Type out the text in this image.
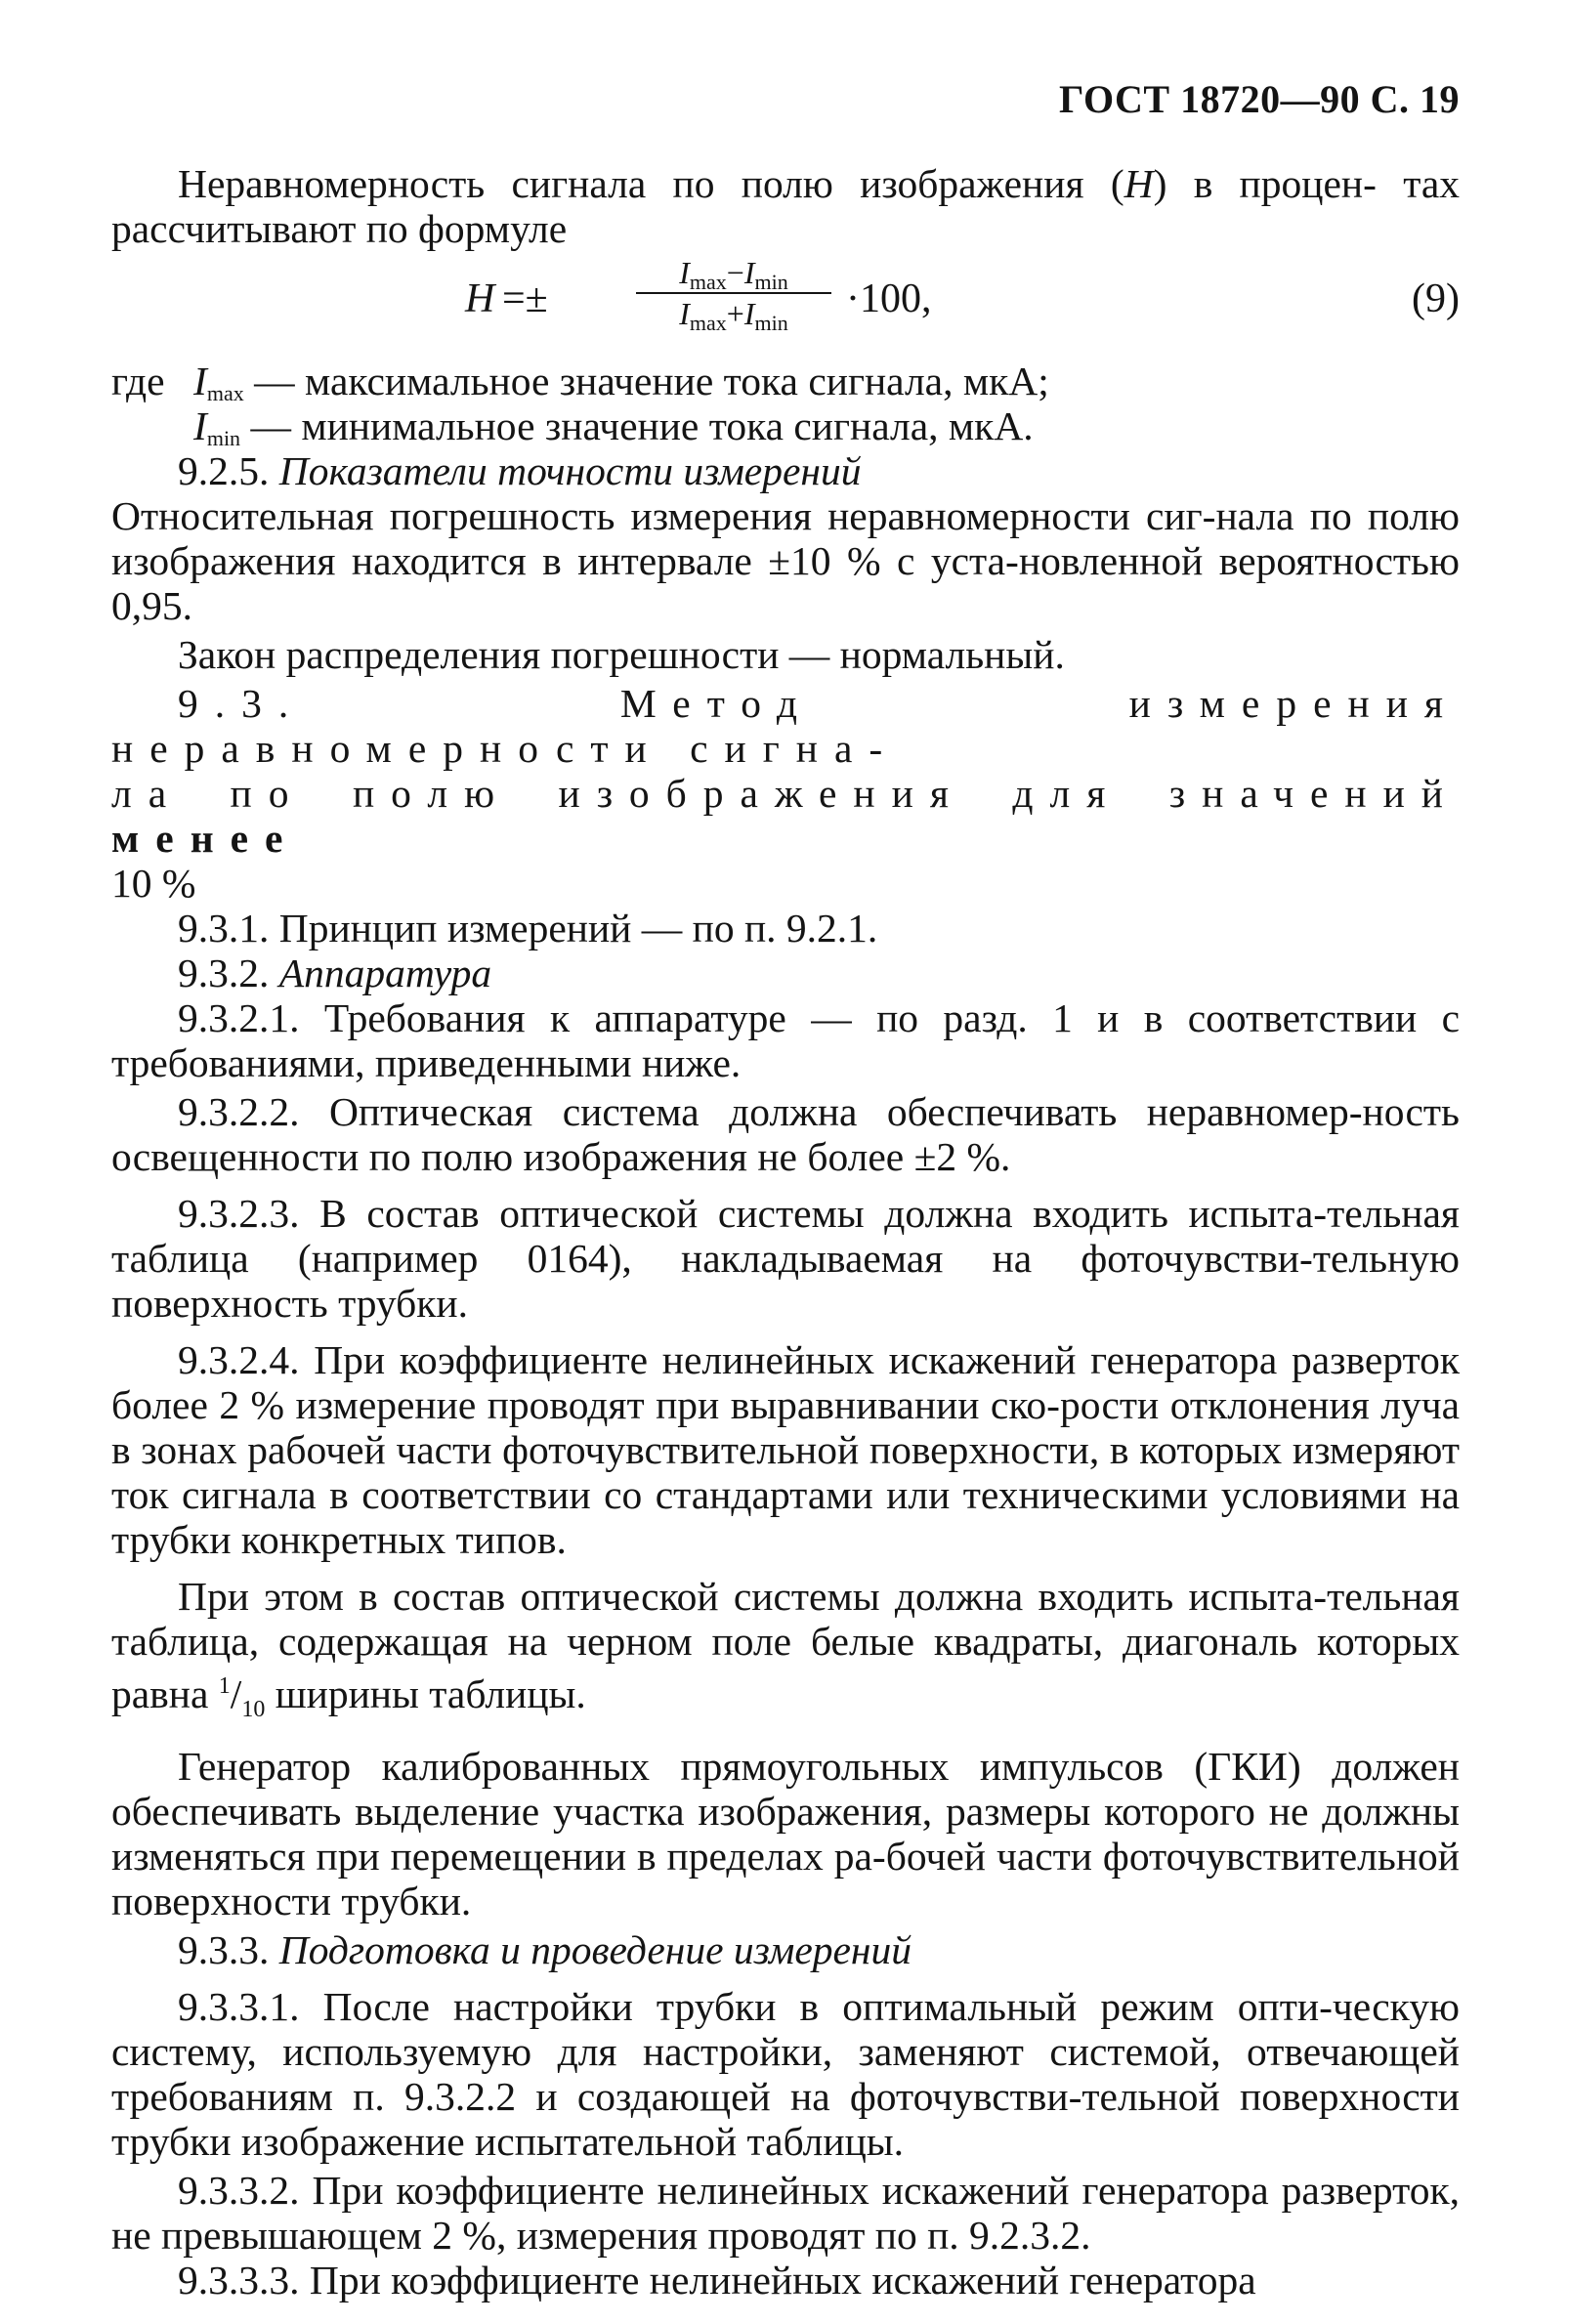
ГОСТ 18720—90 С. 19

Неравномерность сигнала по полю изображения (H) в процен- тах рассчитывают по формуле

H =±
$I_{max}-I_{min}$
$I_{max}+I_{min}$
·100,	(9)
где $I_{max}$ — максимальное значение тока сигнала, мкА;
$I_{min}$ — минимальное значение тока сигнала, мкА.

9.2.5. Показатели точности измерений

Относительная погрешность измерения неравномерности сиг-нала по полю изображения находится в интервале ±10 % с уста-новленной вероятностью 0,95.

Закон распределения погрешности — нормальный.

9.3.	Метод измерения неравномерности сигна-

ла по полю изображения для значений менее

10 %

9.3.1. Принцип измерений — по п. 9.2.1.

9.3.2. Аппаратура

9.3.2.1. Требования к аппаратуре — по разд. 1 и в соответствии с требованиями, приведенными ниже.

9.3.2.2. Оптическая система должна обеспечивать неравномер-ность освещенности по полю изображения не более ±2 %.

9.3.2.3. В состав оптической системы должна входить испыта-тельная таблица (например 0164), накладываемая на фоточувстви-тельную поверхность трубки.

9.3.2.4. При коэффициенте нелинейных искажений генератора разверток более 2 % измерение проводят при выравнивании ско-рости отклонения луча в зонах рабочей части фоточувствительной поверхности, в которых измеряют ток сигнала в соответствии со стандартами или техническими условиями на трубки конкретных типов.

При этом в состав оптической системы должна входить испыта-тельная таблица, содержащая на черном поле белые квадраты, диагональ которых равна $^1/_{10}$ ширины таблицы.

Генератор калиброванных прямоугольных импульсов (ГКИ) должен обеспечивать выделение участка изображения, размеры которого не должны изменяться при перемещении в пределах ра-бочей части фоточувствительной поверхности трубки.

9.3.3. Подготовка и проведение измерений

9.3.3.1. После настройки трубки в оптимальный режим опти-ческую систему, используемую для настройки, заменяют системой, отвечающей требованиям п. 9.3.2.2 и создающей на фоточувстви-тельной поверхности трубки изображение испытательной таблицы.

9.3.3.2. При коэффициенте нелинейных искажений генератора разверток, не превышающем 2 %, измерения проводят по п. 9.2.3.2.

9.3.3.3. При коэффициенте нелинейных искажений генератора
